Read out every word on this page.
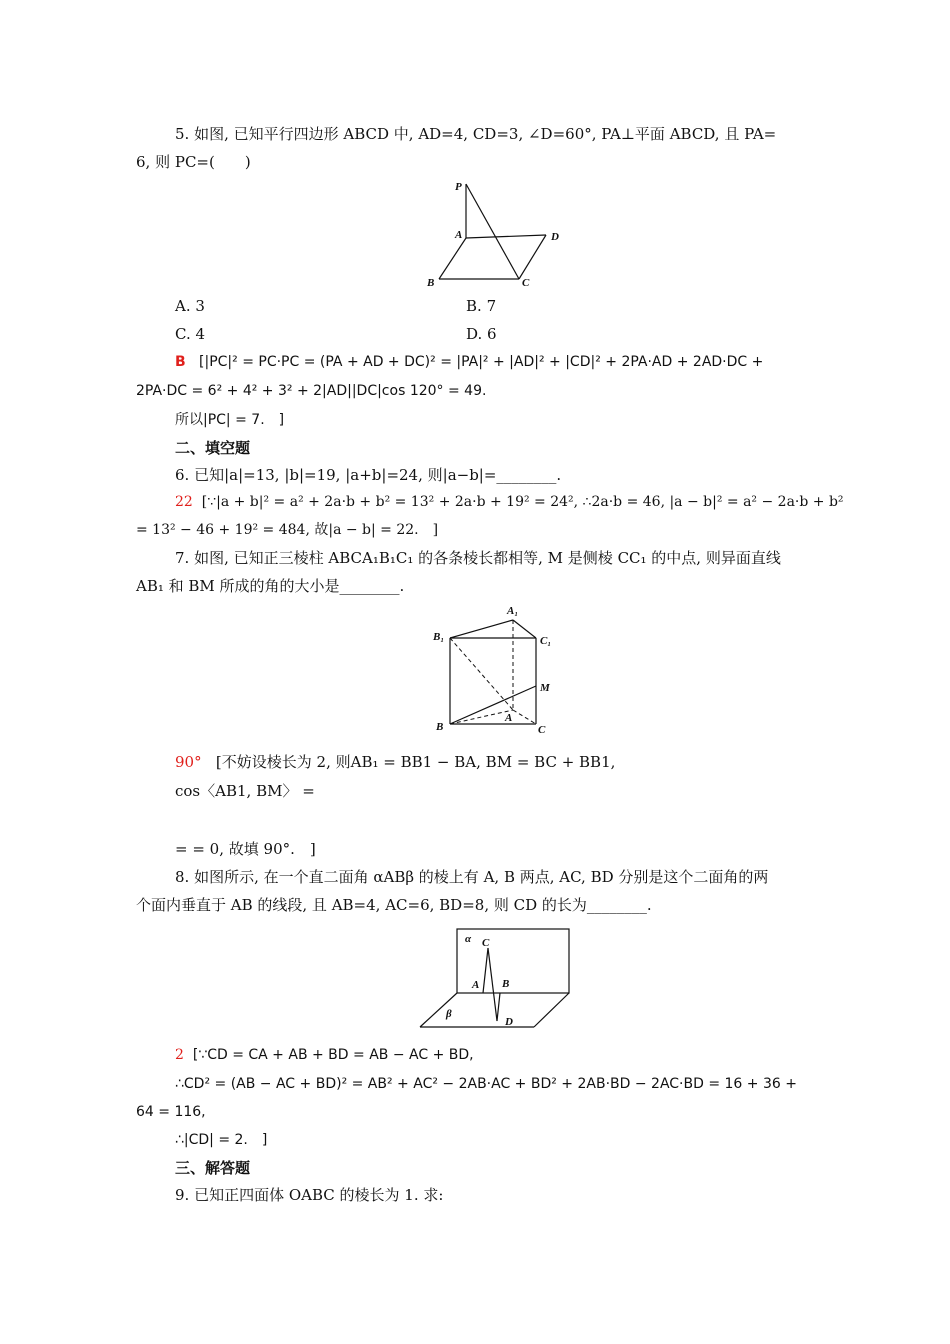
5. 如图, 已知平行四边形 ABCD 中, AD=4, CD=3, ∠D=60°, PA⊥平面 ABCD, 且 PA=
6, 则 PC=(　　)
P
A	D
B	C
A. 3	B. 7
C. 4	D. 6
B [|PC|² = PC·PC = (PA + AD + DC)² = |PA|² + |AD|² + |CD|² + 2PA·AD + 2AD·DC +
2PA·DC = 6² + 4² + 3² + 2|AD||DC|cos 120° = 49.
所以|PC| = 7.　]
二、填空题
6. 已知|a|=13, |b|=19, |a+b|=24, 则|a−b|=________.
22 [∵|a + b|² = a² + 2a·b + b² = 13² + 2a·b + 19² = 24², ∴2a·b = 46, |a − b|² = a² − 2a·b + b²
= 13² − 46 + 19² = 484, 故|a − b| = 22.　]
7. 如图, 已知正三棱柱 ABCA₁B₁C₁ 的各条棱长都相等, M 是侧棱 CC₁ 的中点, 则异面直线
AB₁ 和 BM 所成的角的大小是________.
A₁
B₁	C₁
M
A
B	C
90° [不妨设棱长为 2, 则AB₁ = BB1 − BA, BM = BC + BB1,
cos〈AB1, BM〉 =
= = 0, 故填 90°.　]
8. 如图所示, 在一个直二面角 αABβ 的棱上有 A, B 两点, AC, BD 分别是这个二面角的两
个面内垂直于 AB 的线段, 且 AB=4, AC=6, BD=8, 则 CD 的长为________.
α C
A B
β
D
2 [∵CD = CA + AB + BD = AB − AC + BD,
∴CD² = (AB − AC + BD)² = AB² + AC² − 2AB·AC + BD² + 2AB·BD − 2AC·BD = 16 + 36 +
64 = 116,
∴|CD| = 2.　]
三、解答题
9. 已知正四面体 OABC 的棱长为 1. 求:
